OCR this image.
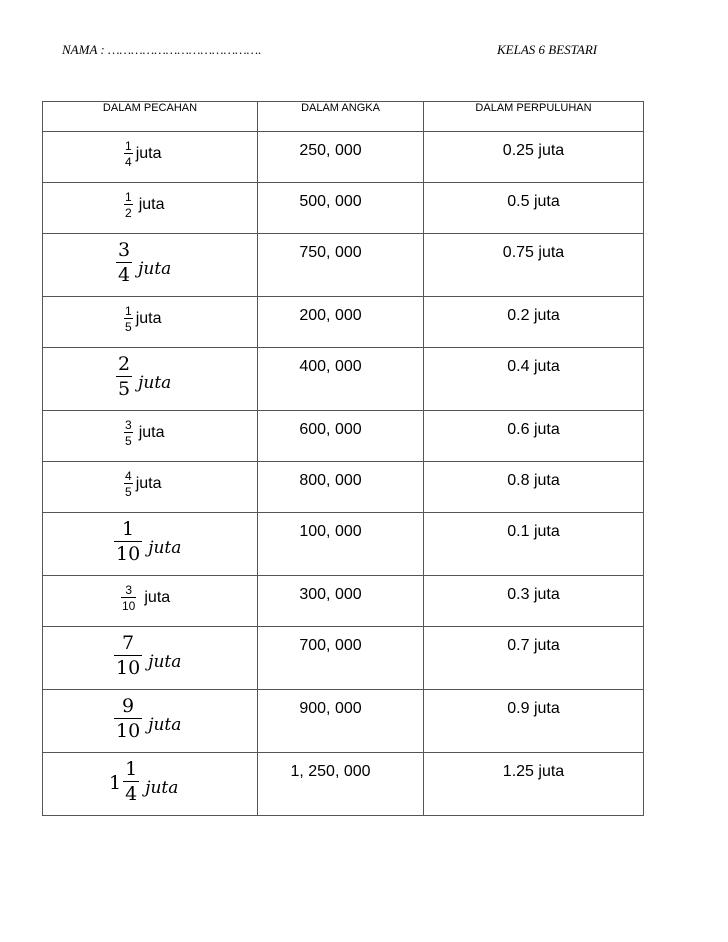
NAMA : ………………………………….	KELAS 6 BESTARI
DALAM PECAHAN	DALAM ANGKA	DALAM PERPULUHAN

$\frac{1}{4}$ juta	250, 000	0.25 juta

$\frac{1}{2}$ juta	500, 000	0.5 juta

$\frac{3}{4}$ 𝑗𝑢𝑡𝑎	750, 000	0.75 juta

$\frac{1}{5}$ juta	200, 000	0.2 juta

$\frac{2}{5}$ 𝑗𝑢𝑡𝑎	400, 000	0.4 juta

$\frac{3}{5}$ juta	600, 000	0.6 juta

$\frac{4}{5}$ juta	800, 000	0.8 juta

$\frac{1}{10}$ 𝑗𝑢𝑡𝑎	100, 000	0.1 juta

$\frac{3}{10}$ juta	300, 000	0.3 juta

$\frac{7}{10}$ 𝑗𝑢𝑡𝑎	700, 000	0.7 juta

$\frac{9}{10}$ 𝑗𝑢𝑡𝑎	900, 000	0.9 juta

$1 \frac{1}{4}$ 𝑗𝑢𝑡𝑎	1, 250, 000	1.25 juta
